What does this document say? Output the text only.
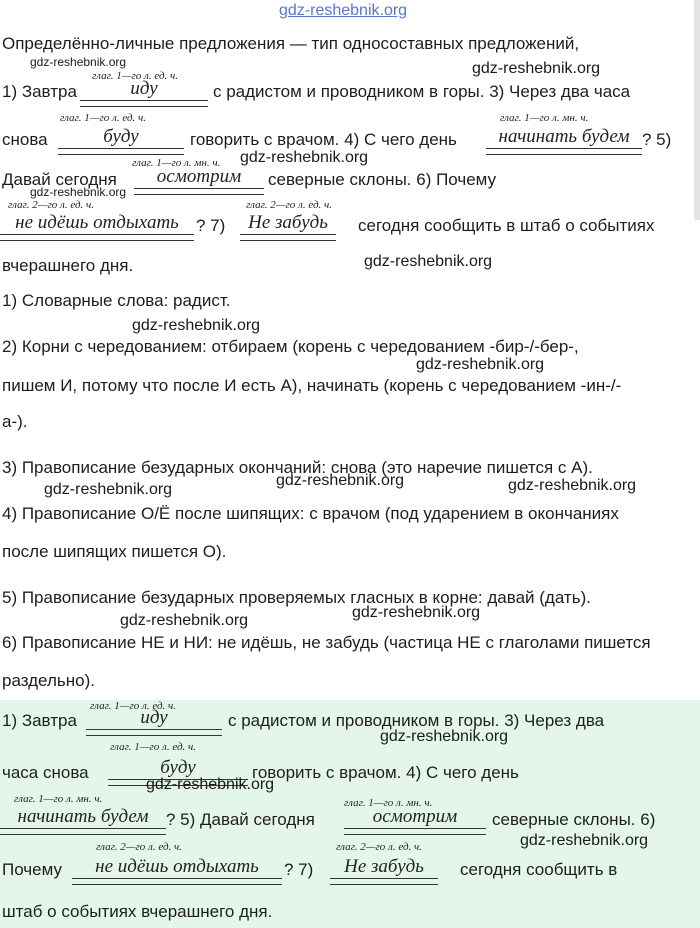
gdz-reshebnik.org
Определённо-личные предложения — тип односоставных предложений,
gdz-reshebnik.org	gdz-reshebnik.org
глаг. 1—го л. ед. ч.
1) Завтра	иду	с радистом и проводником в горы. 3) Через два часа
глаг. 1—го л. ед. ч.	глаг. 1—го л. мн. ч.
снова	буду	говорить с врачом. 4) С чего день	начинать будем ? 5)
глаг. 1—го л. мн. ч. gdz-reshebnik.org
Давай сегодня	осмотрим	северные склоны. 6) Почему
gdz-reshebnik.org
глаг. 2—го л. ед. ч.	глаг. 2—го л. ед. ч.
не идёшь отдыхать	? 7)	Не забудь	сегодня сообщить в штаб о событиях
вчерашнего дня.	gdz-reshebnik.org
1) Словарные слова: радист.
gdz-reshebnik.org
2) Корни с чередованием: отбираем (корень с чередованием -бир-/-бер-,
gdz-reshebnik.org
пишем И, потому что после И есть А), начинать (корень с чередованием -ин-/-
а-).
3) Правописание безударных окончаний: снова (это наречие пишется с А).
gdz-reshebnik.org
gdz-reshebnik.org	gdz-reshebnik.org
4) Правописание О/Ё после шипящих: с врачом (под ударением в окончаниях
после шипящих пишется О).
5) Правописание безударных проверяемых гласных в корне: давай (дать).
gdz-reshebnik.org
gdz-reshebnik.org
6) Правописание НЕ и НИ: не идёшь, не забудь (частица НЕ с глаголами пишется
раздельно).
глаг. 1—го л. ед. ч.
1) Завтра	иду	с радистом и проводником в горы. 3) Через два
глаг. 1—го л. ед. ч.
gdz-reshebnik.org
часа снова	буду
gdz-reshebnik.org
говорить с врачом. 4) С чего день
глаг. 1—го л. мн. ч.	глаг. 1—го л. мн. ч.
начинать будем	? 5) Давай сегодня	осмотрим	северные склоны. 6)
gdz-reshebnik.org
глаг. 2—го л. ед. ч.	глаг. 2—го л. ед. ч.
Почему	не идёшь отдыхать	? 7)	Не забудь	сегодня сообщить в
штаб о событиях вчерашнего дня.
